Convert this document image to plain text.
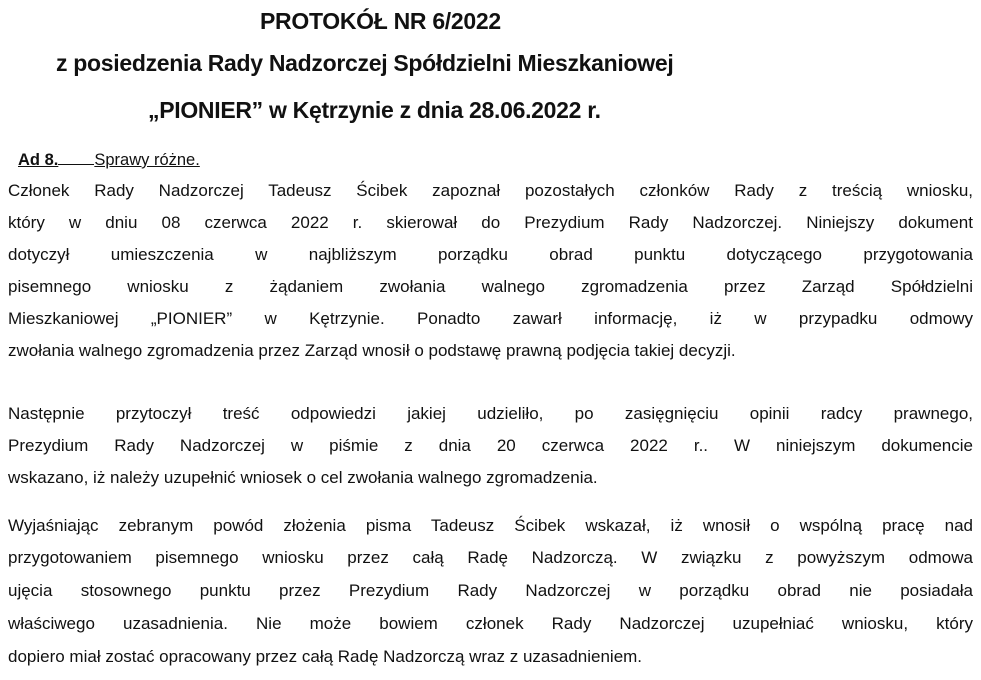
PROTOKÓŁ NR 6/2022
z posiedzenia Rady Nadzorczej Spółdzielni Mieszkaniowej
„PIONIER” w Kętrzynie z dnia 28.06.2022 r.
Ad 8. Sprawy różne.
Członek Rady Nadzorczej Tadeusz Ścibek zapoznał pozostałych członków Rady z treścią wniosku,
który w dniu 08 czerwca 2022 r. skierował do Prezydium Rady Nadzorczej. Niniejszy dokument
dotyczył umieszczenia w najbliższym porządku obrad punktu dotyczącego przygotowania
pisemnego wniosku z żądaniem zwołania walnego zgromadzenia przez Zarząd Spółdzielni
Mieszkaniowej „PIONIER” w Kętrzynie. Ponadto zawarł informację, iż w przypadku odmowy
zwołania walnego zgromadzenia przez Zarząd wnosił o podstawę prawną podjęcia takiej decyzji.
Następnie przytoczył treść odpowiedzi jakiej udzieliło, po zasięgnięciu opinii radcy prawnego,
Prezydium Rady Nadzorczej w piśmie z dnia 20 czerwca 2022 r.. W niniejszym dokumencie
wskazano, iż należy uzupełnić wniosek o cel zwołania walnego zgromadzenia.
Wyjaśniając zebranym powód złożenia pisma Tadeusz Ścibek wskazał, iż wnosił o wspólną pracę nad
przygotowaniem pisemnego wniosku przez całą Radę Nadzorczą. W związku z powyższym odmowa
ujęcia stosownego punktu przez Prezydium Rady Nadzorczej w porządku obrad nie posiadała
właściwego uzasadnienia. Nie może bowiem członek Rady Nadzorczej uzupełniać wniosku, który
dopiero miał zostać opracowany przez całą Radę Nadzorczą wraz z uzasadnieniem.
